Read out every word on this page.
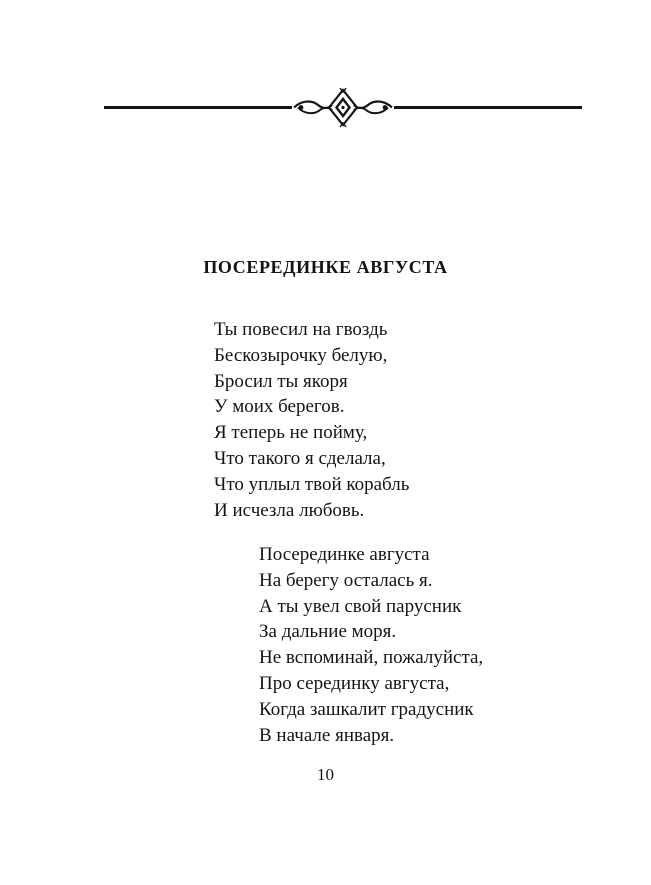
ПОСЕРЕДИНКЕ АВГУСТА
Ты повесил на гвоздь
Бескозырочку белую,
Бросил ты якоря
У моих берегов.
Я теперь не пойму,
Что такого я сделала,
Что уплыл твой корабль
И исчезла любовь.
Посерединке августа
На берегу осталась я.
А ты увел свой парусник
За дальние моря.
Не вспоминай, пожалуйста,
Про серединку августа,
Когда зашкалит градусник
В начале января.
10
